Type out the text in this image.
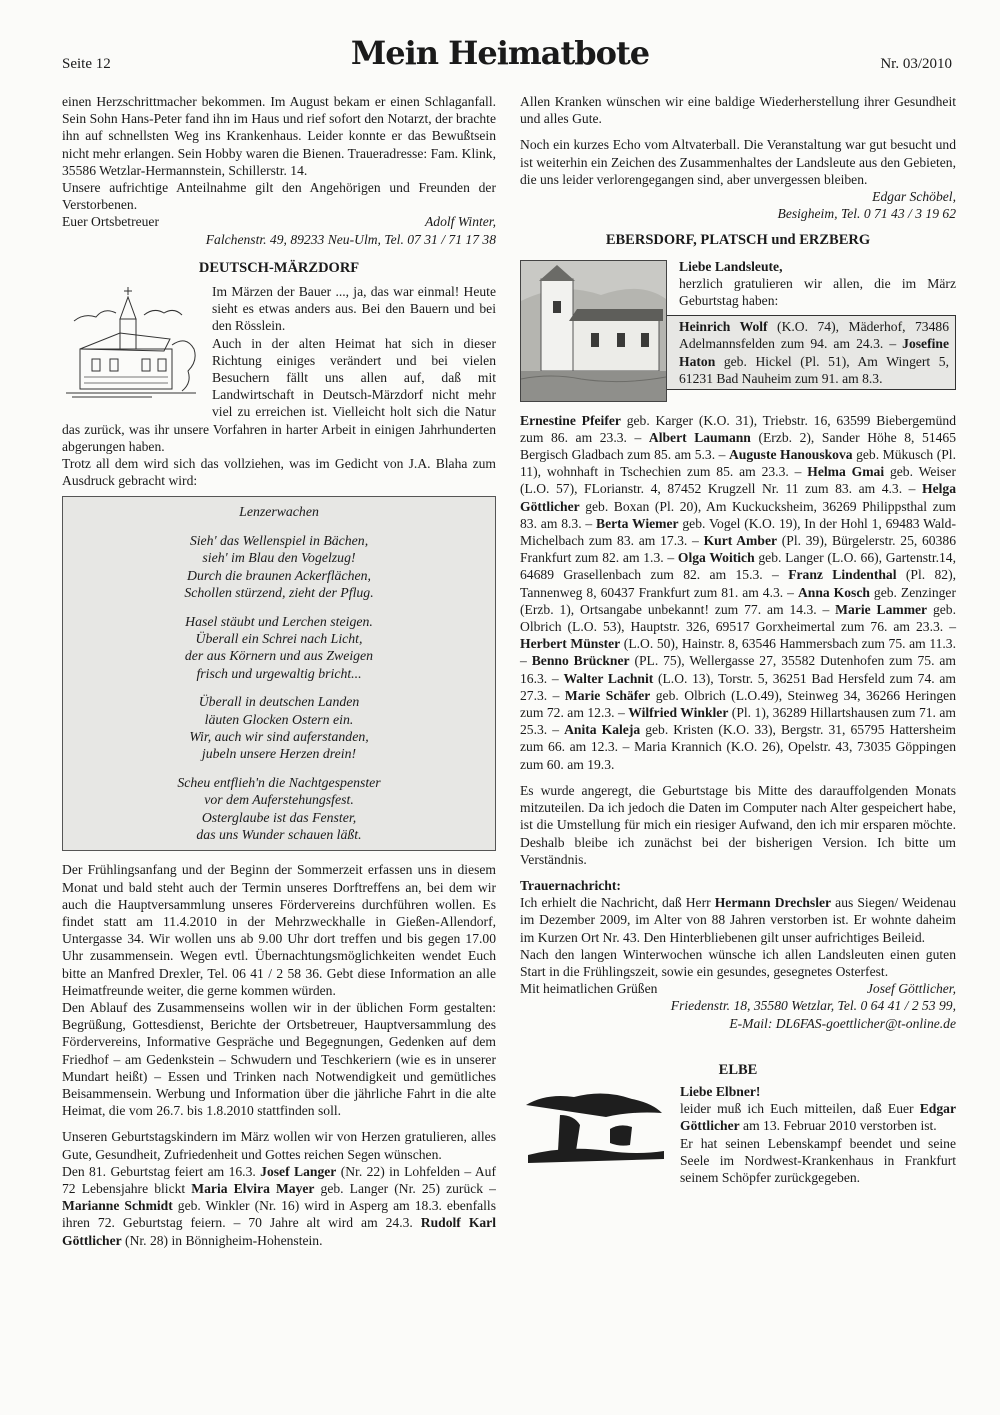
Seite 12	Mein Heimatbote	Nr. 03/2010

einen Herzschrittmacher bekommen. Im August bekam er einen Schlaganfall. Sein Sohn Hans-Peter fand ihn im Haus und rief sofort den Notarzt, der brachte ihn auf schnellsten Weg ins Krankenhaus. Leider konnte er das Bewußtsein nicht mehr erlangen. Sein Hobby waren die Bienen. Traueradresse: Fam. Klink, 35586 Wetzlar-Hermannstein, Schillerstr. 14.

Unsere aufrichtige Anteilnahme gilt den Angehörigen und Freunden der Verstorbenen.

Euer Ortsbetreuer	Adolf Winter,

Falchenstr. 49, 89233 Neu-Ulm, Tel. 07 31 / 71 17 38

DEUTSCH-MÄRZDORF

Im Märzen der Bauer ..., ja, das war einmal! Heute sieht es etwas anders aus. Bei den Bauern und bei den Rösslein.

Auch in der alten Heimat hat sich in dieser Richtung einiges verändert und bei vielen Besuchern fällt uns allen auf, daß mit Landwirtschaft in Deutsch-Märzdorf nicht mehr viel zu erreichen ist. Vielleicht holt sich die Natur das zurück, was ihr unsere Vorfahren in harter Arbeit in einigen Jahrhunderten abgerungen haben.

Trotz all dem wird sich das vollziehen, was im Gedicht von J.A. Blaha zum Ausdruck gebracht wird:

Lenzerwachen
Sieh' das Wellenspiel in Bächen,
sieh' im Blau den Vogelzug!
Durch die braunen Ackerflächen,
Schollen stürzend, zieht der Pflug.
Hasel stäubt und Lerchen steigen.
Überall ein Schrei nach Licht,
der aus Körnern und aus Zweigen
frisch und urgewaltig bricht...
Überall in deutschen Landen
läuten Glocken Ostern ein.
Wir, auch wir sind auferstanden,
jubeln unsere Herzen drein!
Scheu entflieh'n die Nachtgespenster
vor dem Auferstehungsfest.
Osterglaube ist das Fenster,
das uns Wunder schauen läßt.

Der Frühlingsanfang und der Beginn der Sommerzeit erfassen uns in diesem Monat und bald steht auch der Termin unseres Dorftreffens an, bei dem wir auch die Hauptversammlung unseres Fördervereins durchführen wollen. Es findet statt am 11.4.2010 in der Mehrzweckhalle in Gießen-Allendorf, Untergasse 34. Wir wollen uns ab 9.00 Uhr dort treffen und bis gegen 17.00 Uhr zusammensein. Wegen evtl. Übernachtungsmöglichkeiten wendet Euch bitte an Manfred Drexler, Tel. 06 41 / 2 58 36. Gebt diese Information an alle Heimatfreunde weiter, die gerne kommen würden.

Den Ablauf des Zusammenseins wollen wir in der üblichen Form gestalten: Begrüßung, Gottesdienst, Berichte der Ortsbetreuer, Hauptversammlung des Fördervereins, Informative Gespräche und Begegnungen, Gedenken auf dem Friedhof – am Gedenkstein – Schwudern und Teschkeriern (wie es in unserer Mundart heißt) – Essen und Trinken nach Notwendigkeit und gemütliches Beisammensein. Werbung und Information über die jährliche Fahrt in die alte Heimat, die vom 26.7. bis 1.8.2010 stattfinden soll.

Unseren Geburtstagskindern im März wollen wir von Herzen gratulieren, alles Gute, Gesundheit, Zufriedenheit und Gottes reichen Segen wünschen.

Den 81. Geburtstag feiert am 16.3. Josef Langer (Nr. 22) in Lohfelden – Auf 72 Lebensjahre blickt Maria Elvira Mayer geb. Langer (Nr. 25) zurück – Marianne Schmidt geb. Winkler (Nr. 16) wird in Asperg am 18.3. ebenfalls ihren 72. Geburtstag feiern. – 70 Jahre alt wird am 24.3. Rudolf Karl Göttlicher (Nr. 28) in Bönnigheim-Hohenstein.

Allen Kranken wünschen wir eine baldige Wiederherstellung ihrer Gesundheit und alles Gute.

Noch ein kurzes Echo vom Altvaterball. Die Veranstaltung war gut besucht und ist weiterhin ein Zeichen des Zusammenhaltes der Landsleute aus den Gebieten, die uns leider verlorengegangen sind, aber unvergessen bleiben.

Edgar Schöbel,

Besigheim, Tel. 0 71 43 / 3 19 62

EBERSDORF, PLATSCH und ERZBERG

Liebe Landsleute,

herzlich gratulieren wir allen, die im März Geburtstag haben:

Heinrich Wolf (K.O. 74), Mäderhof, 73486 Adelmannsfelden zum 94. am 24.3. – Josefine Haton geb. Hickel (Pl. 51), Am Wingert 5, 61231 Bad Nauheim zum 91. am 8.3.

Ernestine Pfeifer geb. Karger (K.O. 31), Triebstr. 16, 63599 Biebergemünd zum 86. am 23.3. – Albert Laumann (Erzb. 2), Sander Höhe 8, 51465 Bergisch Gladbach zum 85. am 5.3. – Auguste Hanouskova geb. Mükusch (Pl. 11), wohnhaft in Tschechien zum 85. am 23.3. – Helma Gmai geb. Weiser (L.O. 57), FLorianstr. 4, 87452 Krugzell Nr. 11 zum 83. am 4.3. – Helga Göttlicher geb. Boxan (Pl. 20), Am Kuckucksheim, 36269 Philippsthal zum 83. am 8.3. – Berta Wiemer geb. Vogel (K.O. 19), In der Hohl 1, 69483 Wald-Michelbach zum 83. am 17.3. – Kurt Amber (Pl. 39), Bürgelerstr. 25, 60386 Frankfurt zum 82. am 1.3. – Olga Woitich geb. Langer (L.O. 66), Gartenstr.14, 64689 Grasellenbach zum 82. am 15.3. – Franz Lindenthal (Pl. 82), Tannenweg 8, 60437 Frankfurt zum 81. am 4.3. – Anna Kosch geb. Zenzinger (Erzb. 1), Ortsangabe unbekannt! zum 77. am 14.3. – Marie Lammer geb. Olbrich (L.O. 53), Hauptstr. 326, 69517 Gorxheimertal zum 76. am 23.3. – Herbert Münster (L.O. 50), Hainstr. 8, 63546 Hammersbach zum 75. am 11.3. – Benno Brückner (PL. 75), Wellergasse 27, 35582 Dutenhofen zum 75. am 16.3. – Walter Lachnit (L.O. 13), Torstr. 5, 36251 Bad Hersfeld zum 74. am 27.3. – Marie Schäfer geb. Olbrich (L.O.49), Steinweg 34, 36266 Heringen zum 72. am 12.3. – Wilfried Winkler (Pl. 1), 36289 Hillartshausen zum 71. am 25.3. – Anita Kaleja geb. Kristen (K.O. 33), Bergstr. 31, 65795 Hattersheim zum 66. am 12.3. – Maria Krannich (K.O. 26), Opelstr. 43, 73035 Göppingen zum 60. am 19.3.

Es wurde angeregt, die Geburtstage bis Mitte des darauffolgenden Monats mitzuteilen. Da ich jedoch die Daten im Computer nach Alter gespeichert habe, ist die Umstellung für mich ein riesiger Aufwand, den ich mir ersparen möchte. Deshalb bleibe ich zunächst bei der bisherigen Version. Ich bitte um Verständnis.

Trauernachricht:

Ich erhielt die Nachricht, daß Herr Hermann Drechsler aus Siegen/ Weidenau im Dezember 2009, im Alter von 88 Jahren verstorben ist. Er wohnte daheim im Kurzen Ort Nr. 43. Den Hinterbliebenen gilt unser aufrichtiges Beileid.

Nach den langen Winterwochen wünsche ich allen Landsleuten einen guten Start in die Frühlingszeit, sowie ein gesundes, gesegnetes Osterfest.

Mit heimatlichen Grüßen	Josef Göttlicher,

Friedenstr. 18, 35580 Wetzlar, Tel. 0 64 41 / 2 53 99,

E-Mail: DL6FAS-goettlicher@t-online.de

ELBE

Liebe Elbner!

leider muß ich Euch mitteilen, daß Euer Edgar Göttlicher am 13. Februar 2010 verstorben ist.

Er hat seinen Lebenskampf beendet und seine Seele im Nordwest-Krankenhaus in Frankfurt seinem Schöpfer zurückgegeben.
